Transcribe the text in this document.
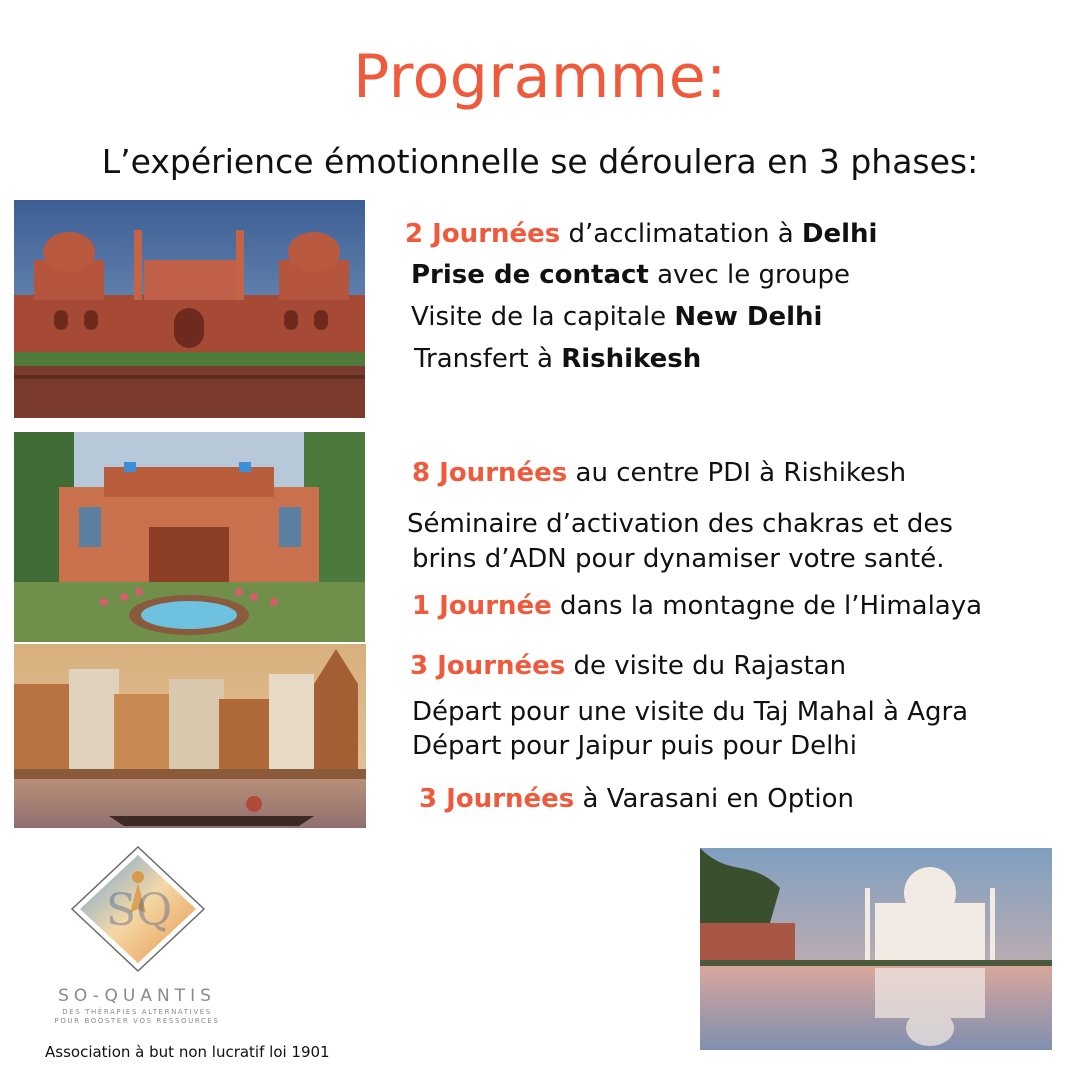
Programme:

L’expérience émotionnelle se déroulera en 3 phases:

2 Journées d’acclimatation à Delhi
Prise de contact avec le groupe
Visite de la capitale New Delhi
Transfert à Rishikesh
8 Journées au centre PDI à Rishikesh
Séminaire d’activation des chakras et des
brins d’ADN pour dynamiser votre santé.
1 Journée dans la montagne de l’Himalaya
3 Journées de visite du Rajastan
Départ pour une visite du Taj Mahal à Agra
Départ pour Jaipur puis pour Delhi
3 Journées à Varasani en Option
SQ
SO-QUANTIS
DES THÉRAPIES ALTERNATIVES
POUR BOOSTER VOS RESSOURCES
Association à but non lucratif loi 1901
